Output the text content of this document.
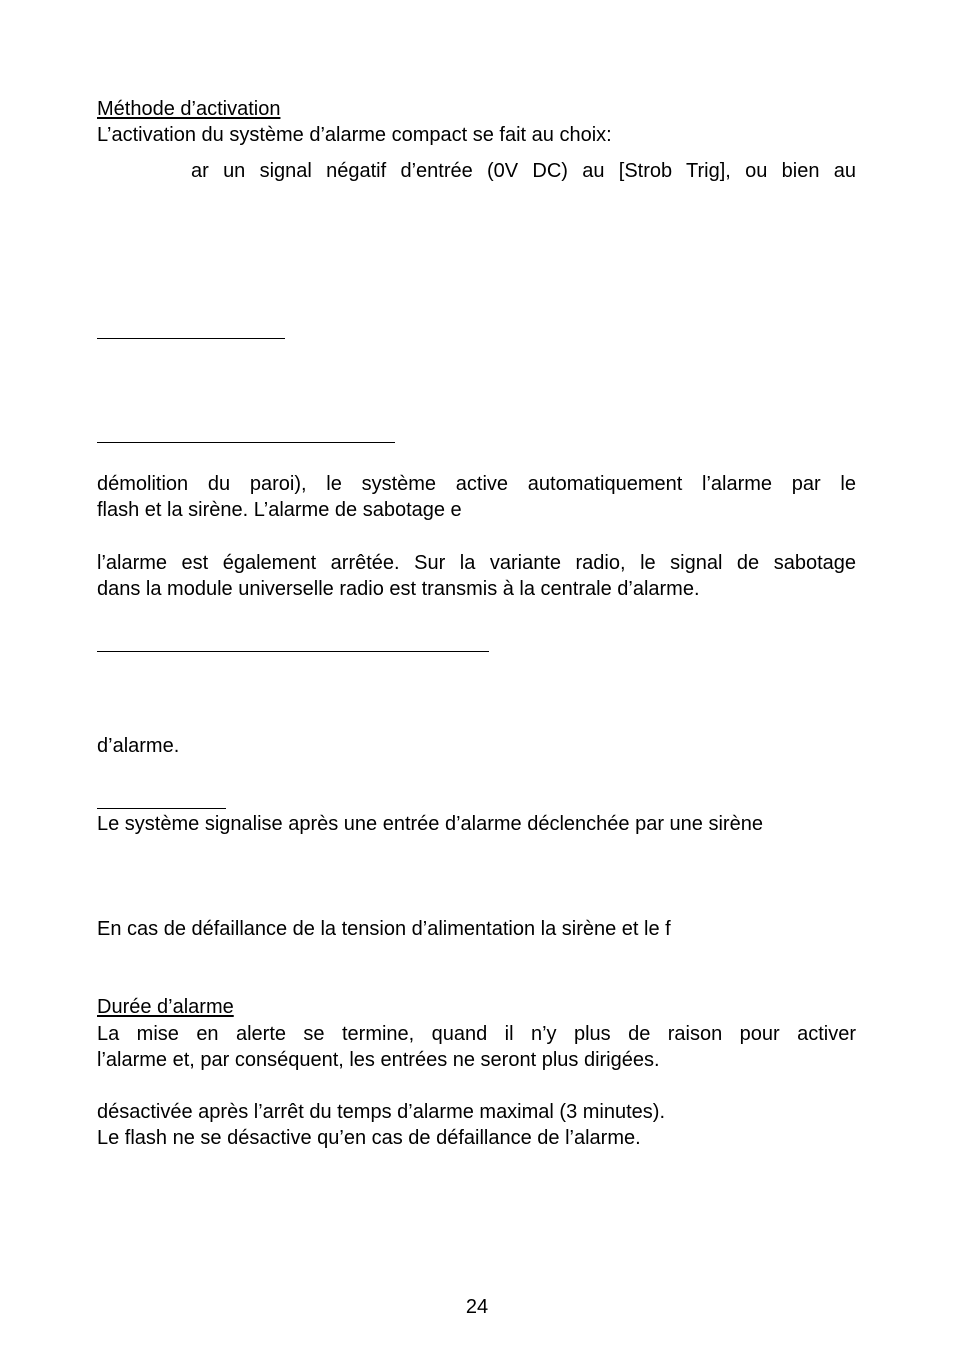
Méthode d’activation
L’activation du système d’alarme compact se fait au choix:
ar un signal négatif d’entrée (0V DC) au [Strob Trig], ou bien au
démolition du paroi), le système active automatiquement l’alarme par le
flash et la sirène. L’alarme de sabotage e
l’alarme est également arrêtée. Sur la variante radio, le signal de sabotage
dans la module universelle radio est transmis à la centrale d’alarme.
d’alarme.
Le système signalise après une entrée d’alarme déclenchée par une sirène
En cas de défaillance de la tension d’alimentation la sirène et le f
Durée d’alarme
La mise en alerte se termine, quand il n’y plus de raison pour activer
l’alarme et, par conséquent, les entrées ne seront plus dirigées.
désactivée après l’arrêt du temps d’alarme maximal (3 minutes).
Le flash ne se désactive qu’en cas de défaillance de l’alarme.
24
